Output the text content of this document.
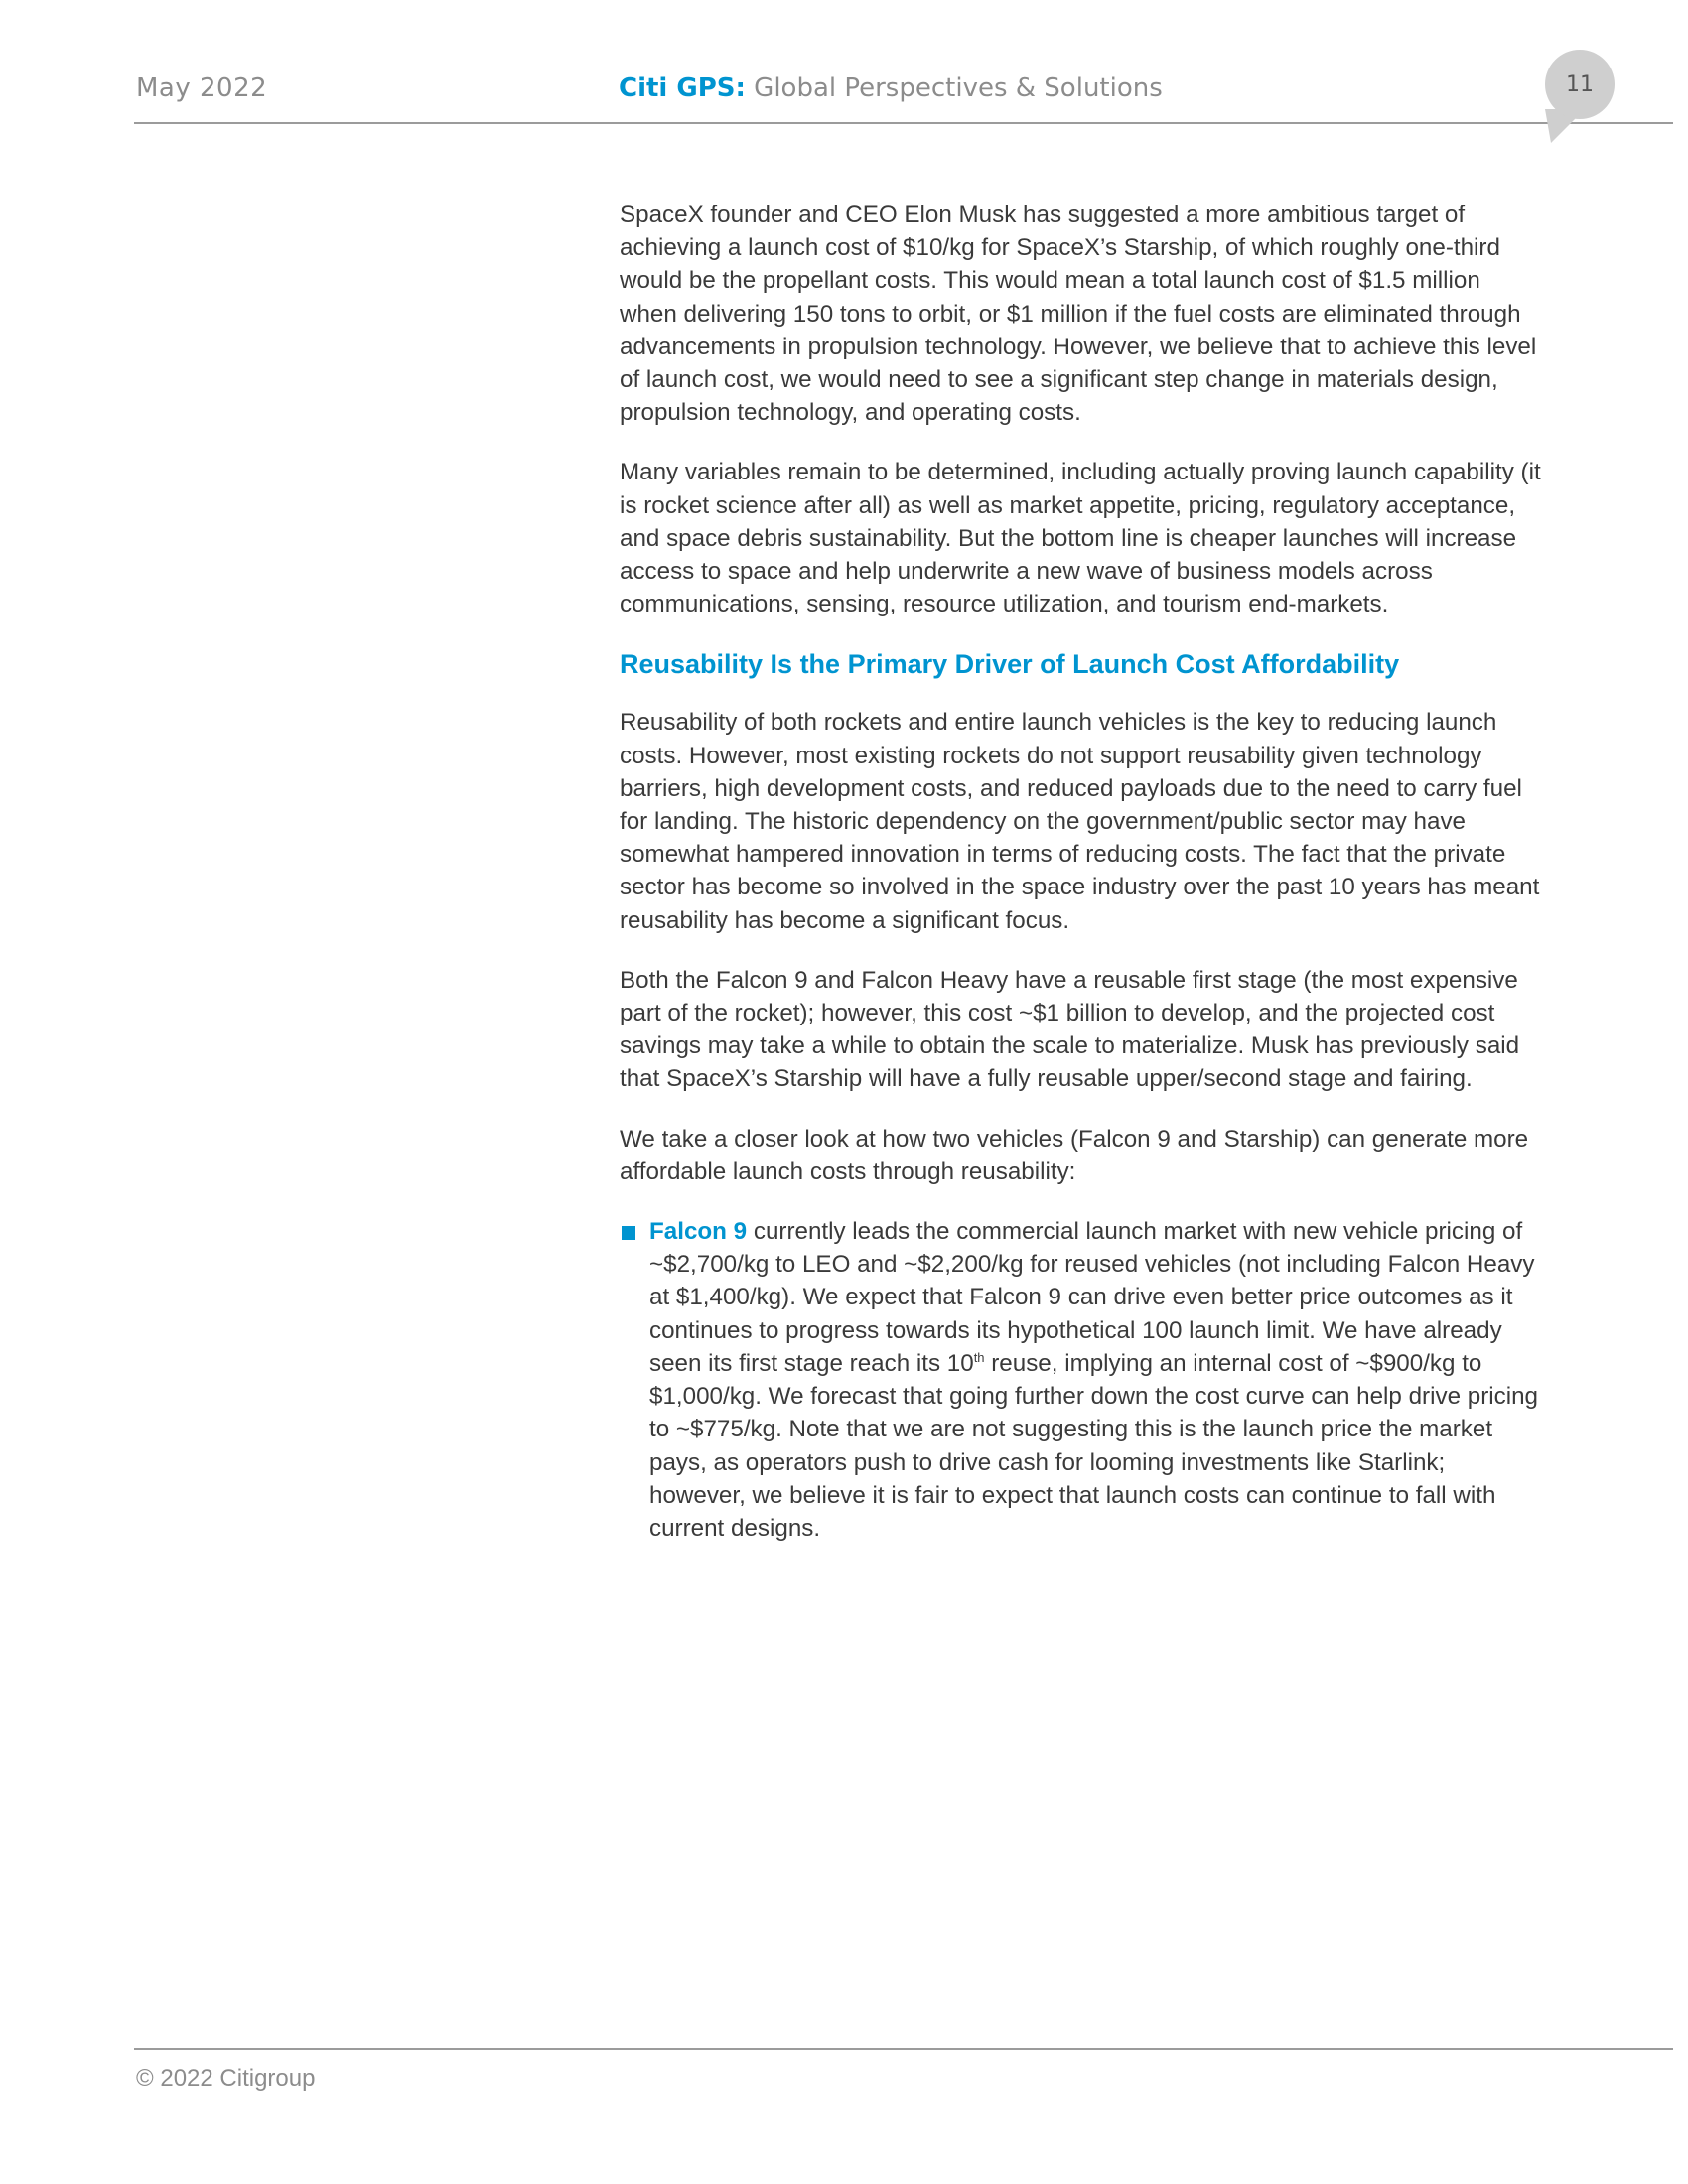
May 2022	Citi GPS: Global Perspectives & Solutions	11

SpaceX founder and CEO Elon Musk has suggested a more ambitious target of achieving a launch cost of $10/kg for SpaceX’s Starship, of which roughly one-third would be the propellant costs. This would mean a total launch cost of $1.5 million when delivering 150 tons to orbit, or $1 million if the fuel costs are eliminated through advancements in propulsion technology. However, we believe that to achieve this level of launch cost, we would need to see a significant step change in materials design, propulsion technology, and operating costs.

Many variables remain to be determined, including actually proving launch capability (it is rocket science after all) as well as market appetite, pricing, regulatory acceptance, and space debris sustainability. But the bottom line is cheaper launches will increase access to space and help underwrite a new wave of business models across communications, sensing, resource utilization, and tourism end-markets.

Reusability Is the Primary Driver of Launch Cost Affordability

Reusability of both rockets and entire launch vehicles is the key to reducing launch costs. However, most existing rockets do not support reusability given technology barriers, high development costs, and reduced payloads due to the need to carry fuel for landing. The historic dependency on the government/public sector may have somewhat hampered innovation in terms of reducing costs. The fact that the private sector has become so involved in the space industry over the past 10 years has meant reusability has become a significant focus.

Both the Falcon 9 and Falcon Heavy have a reusable first stage (the most expensive part of the rocket); however, this cost ~$1 billion to develop, and the projected cost savings may take a while to obtain the scale to materialize. Musk has previously said that SpaceX’s Starship will have a fully reusable upper/second stage and fairing.

We take a closer look at how two vehicles (Falcon 9 and Starship) can generate more affordable launch costs through reusability:

Falcon 9 currently leads the commercial launch market with new vehicle pricing of ~$2,700/kg to LEO and ~$2,200/kg for reused vehicles (not including Falcon Heavy at $1,400/kg). We expect that Falcon 9 can drive even better price outcomes as it continues to progress towards its hypothetical 100 launch limit. We have already seen its first stage reach its 10th reuse, implying an internal cost of ~$900/kg to $1,000/kg. We forecast that going further down the cost curve can help drive pricing to ~$775/kg. Note that we are not suggesting this is the launch price the market pays, as operators push to drive cash for looming investments like Starlink; however, we believe it is fair to expect that launch costs can continue to fall with current designs.
© 2022 Citigroup
